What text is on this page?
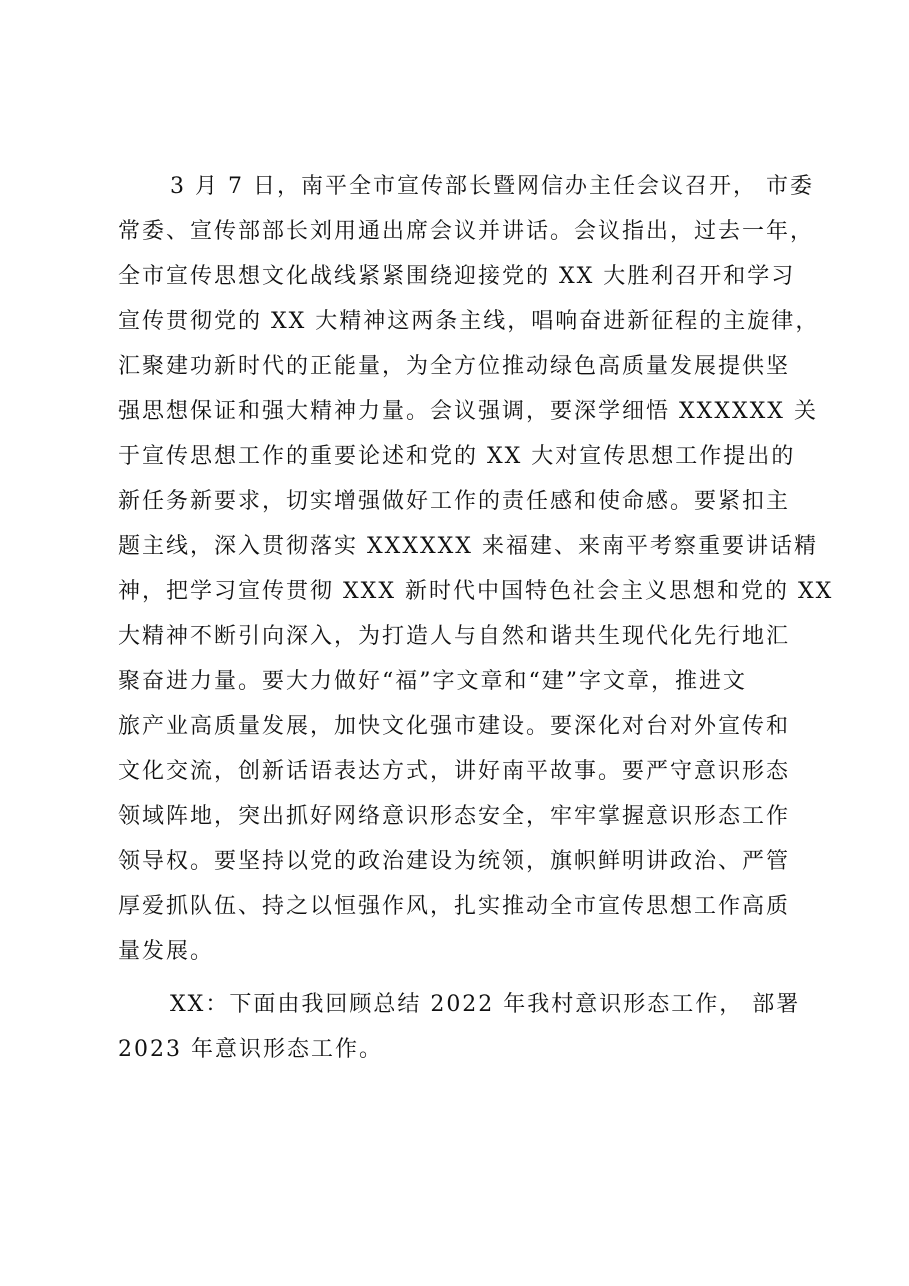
3 月 7 日，南平全市宣传部长暨网信办主任会议召开， 市委
常委、宣传部部长刘用通出席会议并讲话。会议指出，过去一年，
全市宣传思想文化战线紧紧围绕迎接党的 XX 大胜利召开和学习
宣传贯彻党的 XX 大精神这两条主线，唱响奋进新征程的主旋律，
汇聚建功新时代的正能量，为全方位推动绿色高质量发展提供坚
强思想保证和强大精神力量。会议强调，要深学细悟 XXXXXX 关
于宣传思想工作的重要论述和党的 XX 大对宣传思想工作提出的
新任务新要求，切实增强做好工作的责任感和使命感。要紧扣主
题主线，深入贯彻落实 XXXXXX 来福建、来南平考察重要讲话精
神，把学习宣传贯彻 XXX 新时代中国特色社会主义思想和党的 XX
大精神不断引向深入，为打造人与自然和谐共生现代化先行地汇
聚奋进力量。要大力做好“福”字文章和“建”字文章，推进文
旅产业高质量发展，加快文化强市建设。要深化对台对外宣传和
文化交流，创新话语表达方式，讲好南平故事。要严守意识形态
领域阵地，突出抓好网络意识形态安全，牢牢掌握意识形态工作
领导权。要坚持以党的政治建设为统领，旗帜鲜明讲政治、严管
厚爱抓队伍、持之以恒强作风，扎实推动全市宣传思想工作高质
量发展。
XX：下面由我回顾总结 2022 年我村意识形态工作， 部署
2023 年意识形态工作。
